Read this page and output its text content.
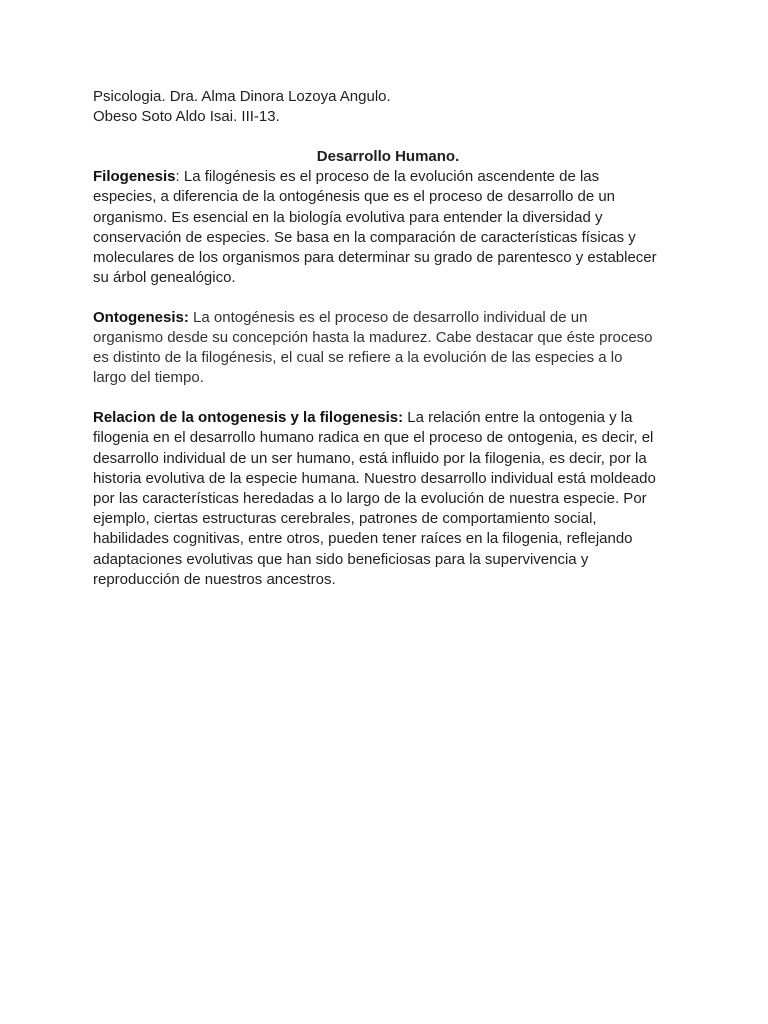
Psicologia. Dra. Alma Dinora Lozoya Angulo.
Obeso Soto Aldo Isai. III-13.
Desarrollo Humano.
Filogenesis: La filogénesis es el proceso de la evolución ascendente de las
especies, a diferencia de la ontogénesis que es el proceso de desarrollo de un
organismo. Es esencial en la biología evolutiva para entender la diversidad y
conservación de especies. Se basa en la comparación de características físicas y
moleculares de los organismos para determinar su grado de parentesco y establecer
su árbol genealógico.
Ontogenesis: La ontogénesis es el proceso de desarrollo individual de un
organismo desde su concepción hasta la madurez. Cabe destacar que éste proceso
es distinto de la filogénesis, el cual se refiere a la evolución de las especies a lo
largo del tiempo.
Relacion de la ontogenesis y la filogenesis: La relación entre la ontogenia y la
filogenia en el desarrollo humano radica en que el proceso de ontogenia, es decir, el
desarrollo individual de un ser humano, está influido por la filogenia, es decir, por la
historia evolutiva de la especie humana. Nuestro desarrollo individual está moldeado
por las características heredadas a lo largo de la evolución de nuestra especie. Por
ejemplo, ciertas estructuras cerebrales, patrones de comportamiento social,
habilidades cognitivas, entre otros, pueden tener raíces en la filogenia, reflejando
adaptaciones evolutivas que han sido beneficiosas para la supervivencia y
reproducción de nuestros ancestros.
